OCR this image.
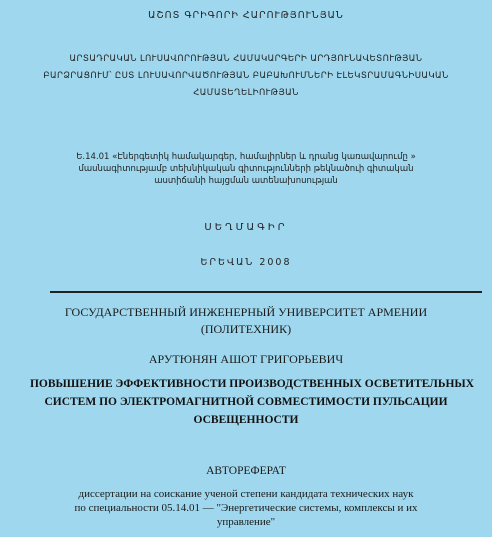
ԱՇՈՏ ԳՐԻԳՈՐԻ ՀԱՐՈՒԹՅՈՒՆՅԱՆ
ԱՐՏԱԴՐԱԿԱՆ ԼՈՒՍԱՎՈՐՈՒԹՅԱՆ ՀԱՄԱԿԱՐԳԵՐԻ ԱՐԴՅՈՒՆԱՎԵՏՈՒԹՅԱՆ
ԲԱՐՁՐԱՑՈՒՄ՝ ԸՍՏ ԼՈՒՍԱՎՈՐՎԱԾՈՒԹՅԱՆ ԲԱԲԱԽՈՒՄՆԵՐԻ ԷԼԵԿՏՐԱՄԱԳՆԻՍԱԿԱՆ
ՀԱՄԱՏԵՂԵԼԻՈՒԹՅԱՆ
Ե.14.01 «Էներգետիկ համակարգեր, համալիրներ և դրանց կառավարումը »
մասնագիտությամբ տեխնիկական գիտությունների թեկնածուի գիտական
աստիճանի հայցման ատենախոսության
ՍԵՂՄԱԳԻՐ
ԵՐԵՎԱՆ 2008
ГОСУДАРСТВЕННЫЙ ИНЖЕНЕРНЫЙ УНИВЕРСИТЕТ АРМЕНИИ
(ПОЛИТЕХНИК)
АРУТЮНЯН АШОТ ГРИГОРЬЕВИЧ
ПОВЫШЕНИЕ ЭФФЕКТИВНОСТИ ПРОИЗВОДСТВЕННЫХ ОСВЕТИТЕЛЬНЫХ
СИСТЕМ ПО ЭЛЕКТРОМАГНИТНОЙ СОВМЕСТИМОСТИ ПУЛЬСАЦИИ
ОСВЕЩЕННОСТИ
АВТОРЕФЕРАТ
диссертации на соискание ученой степени кандидата технических наук
по специальности 05.14.01 — "Энергетические системы, комплексы и их
управление"
